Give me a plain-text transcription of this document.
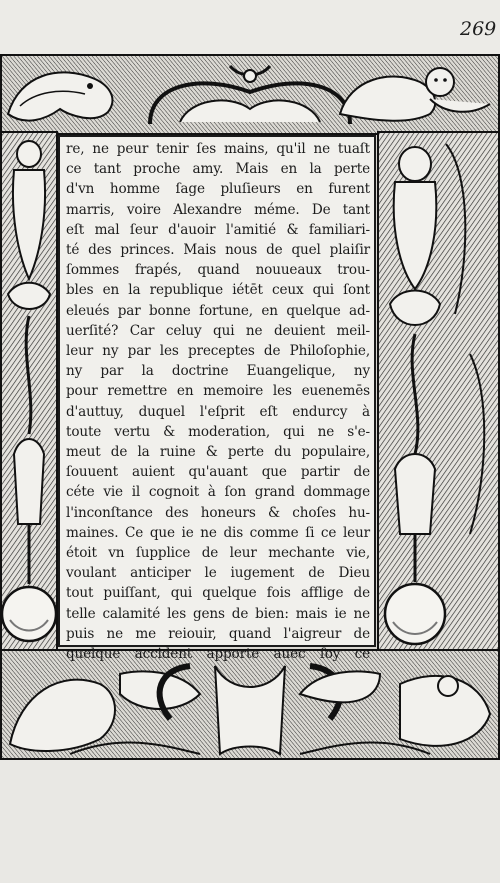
269
re, ne peur tenir ſes mains, qu'il ne tuaſt
ce tant proche amy. Mais en la perte
d'vn homme ſage pluſieurs en furent
marris, voire Alexandre méme. De tant
eſt mal ſeur d'auoir l'amitié & familiari-
té des princes. Mais nous de quel plaiſir
ſommes frapés, quand nouueaux trou-
bles en la republique iétēt ceux qui ſont
eleués par bonne fortune, en quelque ad-
uerſité? Car celuy qui ne deuient meil-
leur ny par les preceptes de Philoſophie,
ny par la doctrine Euangelique, ny
pour remettre en memoire les euenemēs
d'auttuy, duquel l'eſprit eſt endurcy à
toute vertu & moderation, qui ne s'e-
meut de la ruine & perte du populaire,
ſouuent auient qu'auant que partir de
céte vie il cognoit à ſon grand dommage
l'inconſtance des honeurs & choſes hu-
maines. Ce que ie ne dis comme ſi ce leur
étoit vn ſupplice de leur mechante vie,
voulant anticiper le iugement de Dieu
tout puiſſant, qui quelque fois afflige de
telle calamité les gens de bien: mais ie ne
puis ne me reiouir, quand l'aigreur de
quelque accident apporte auec ſoy ce
